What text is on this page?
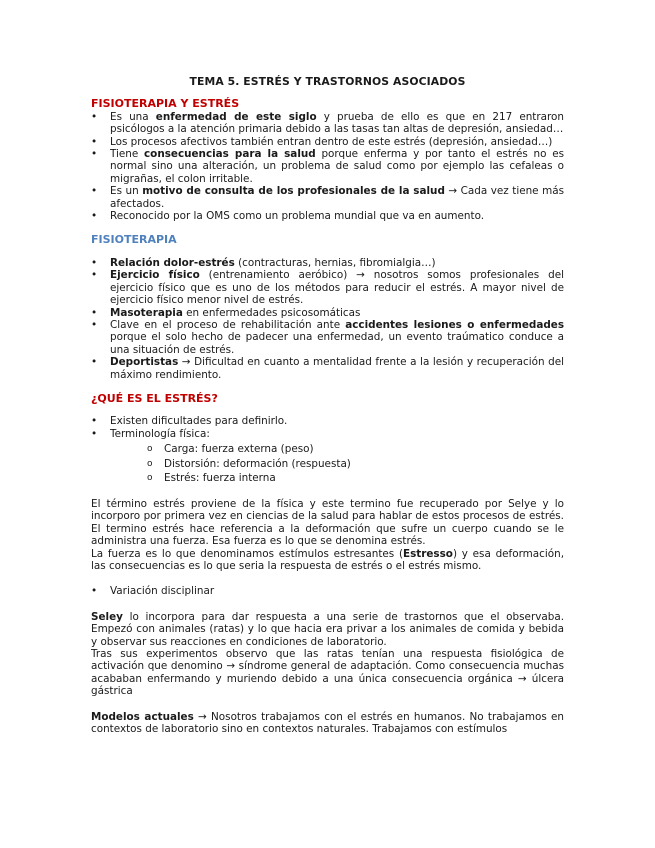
TEMA 5. ESTRÉS Y TRASTORNOS ASOCIADOS
FISIOTERAPIA Y ESTRÉS
• Es una enfermedad de este siglo y prueba de ello es que en 217 entraron psicólogos a la atención primaria debido a las tasas tan altas de depresión, ansiedad…
• Los procesos afectivos también entran dentro de este estrés (depresión, ansiedad…)
• Tiene consecuencias para la salud porque enferma y por tanto el estrés no es normal sino una alteración, un problema de salud como por ejemplo las cefaleas o migrañas, el colon irritable.
• Es un motivo de consulta de los profesionales de la salud → Cada vez tiene más afectados.
• Reconocido por la OMS como un problema mundial que va en aumento.
FISIOTERAPIA
• Relación dolor-estrés (contracturas, hernias, fibromialgia…)
• Ejercicio físico (entrenamiento aeróbico) → nosotros somos profesionales del ejercicio físico que es uno de los métodos para reducir el estrés. A mayor nivel de ejercicio físico menor nivel de estrés.
• Masoterapia en enfermedades psicosomáticas
• Clave en el proceso de rehabilitación ante accidentes lesiones o enfermedades porque el solo hecho de padecer una enfermedad, un evento traúmatico conduce a una situación de estrés.
• Deportistas → Dificultad en cuanto a mentalidad frente a la lesión y recuperación del máximo rendimiento.
¿QUÉ ES EL ESTRÉS?
• Existen dificultades para definirlo.
• Terminología física:
o Carga: fuerza externa (peso)
o Distorsión: deformación (respuesta)
o Estrés: fuerza interna

El término estrés proviene de la física y este termino fue recuperado por Selye y lo incorporo por primera vez en ciencias de la salud para hablar de estos procesos de estrés. El termino estrés hace referencia a la deformación que sufre un cuerpo cuando se le administra una fuerza. Esa fuerza es lo que se denomina estrés.

La fuerza es lo que denominamos estímulos estresantes (Estresso) y esa deformación, las consecuencias es lo que seria la respuesta de estrés o el estrés mismo.

• Variación disciplinar

Seley lo incorpora para dar respuesta a una serie de trastornos que el observaba. Empezó con animales (ratas) y lo que hacia era privar a los animales de comida y bebida y observar sus reacciones en condiciones de laboratorio.

Tras sus experimentos observo que las ratas tenían una respuesta fisiológica de activación que denomino → síndrome general de adaptación. Como consecuencia muchas acababan enfermando y muriendo debido a una única consecuencia orgánica → úlcera gástrica

Modelos actuales → Nosotros trabajamos con el estrés en humanos. No trabajamos en contextos de laboratorio sino en contextos naturales. Trabajamos con estímulos
